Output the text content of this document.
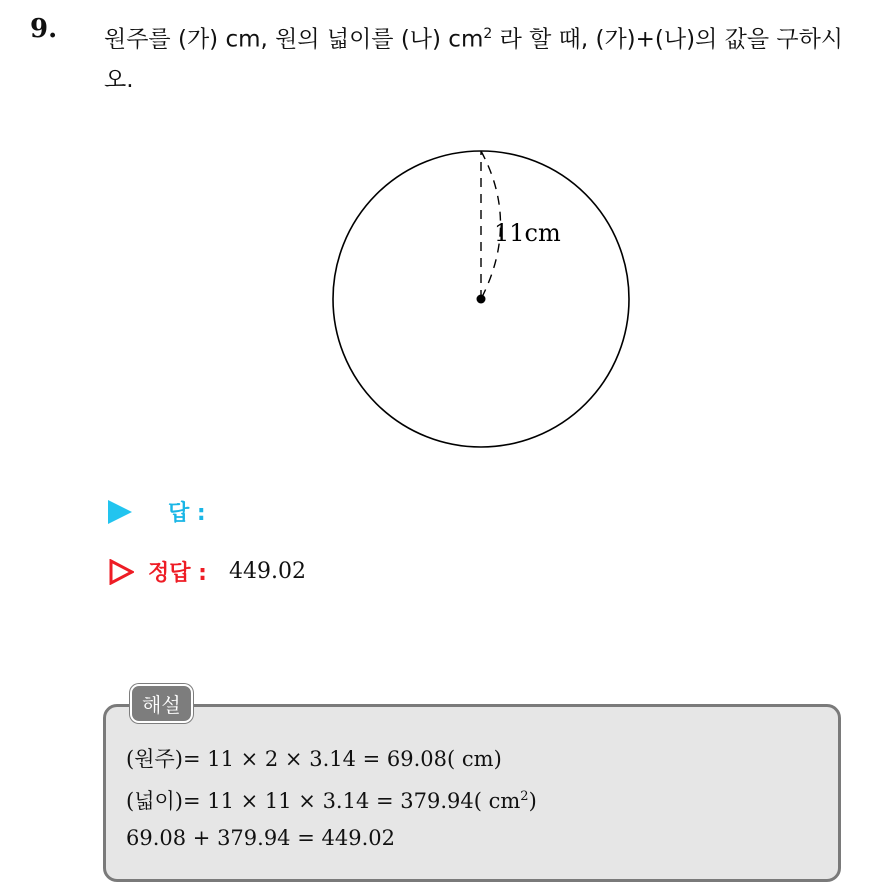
9. 원주를 (가) cm, 원의 넓이를 (나) $cm^2$ 라 할 때, (가)+(나)의 값을 구하시오.
11cm
답 :
정답 : 449.02
해설
(원주)= 11 × 2 × 3.14 = 69.08( cm)
(넓이)= 11 × 11 × 3.14 = 379.94( $cm^2$)
69.08 + 379.94 = 449.02
